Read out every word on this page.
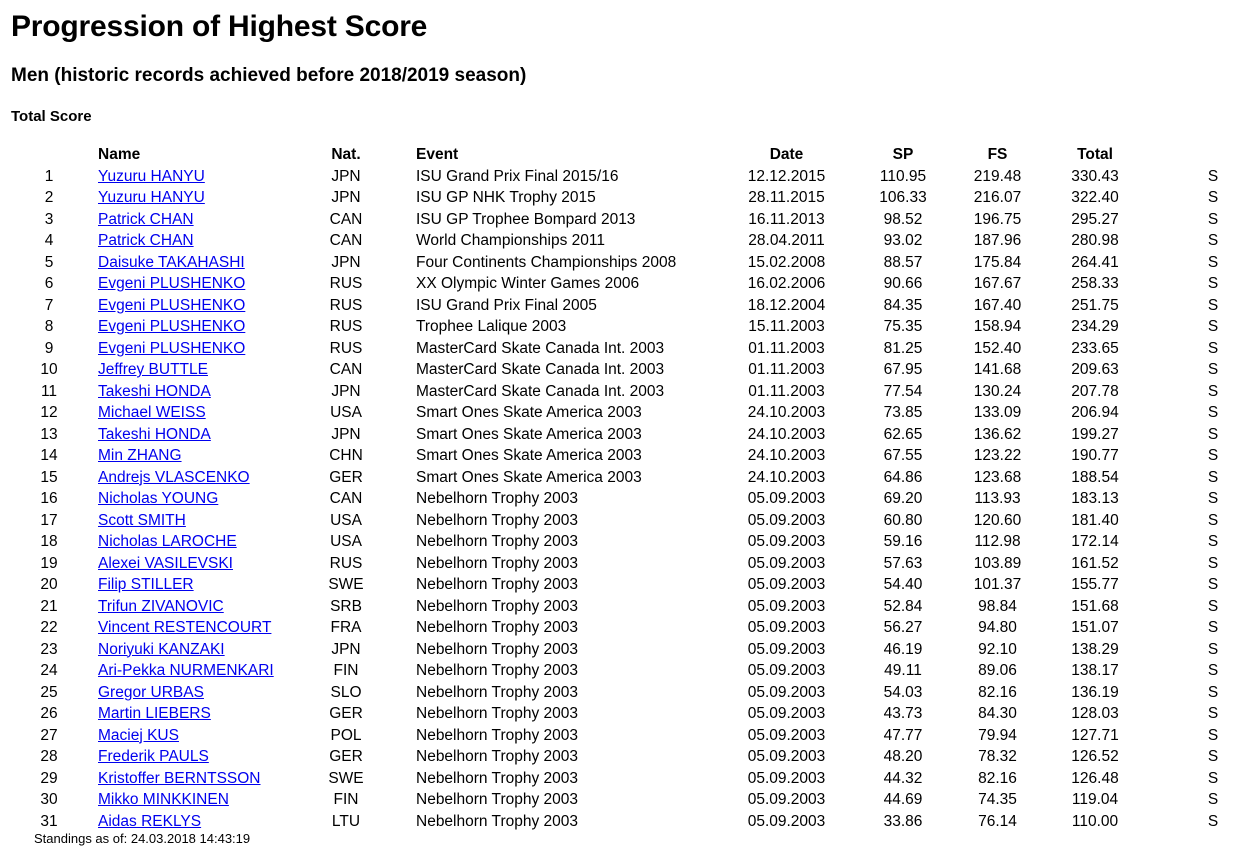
Progression of Highest Score
Men (historic records achieved before 2018/2019 season)
Total Score
	Name	Nat.	Event	Date	SP	FS	Total	
1	Yuzuru HANYU	JPN	ISU Grand Prix Final 2015/16	12.12.2015	110.95	219.48	330.43	S
2	Yuzuru HANYU	JPN	ISU GP NHK Trophy 2015	28.11.2015	106.33	216.07	322.40	S
3	Patrick CHAN	CAN	ISU GP Trophee Bompard 2013	16.11.2013	98.52	196.75	295.27	S
4	Patrick CHAN	CAN	World Championships 2011	28.04.2011	93.02	187.96	280.98	S
5	Daisuke TAKAHASHI	JPN	Four Continents Championships 2008	15.02.2008	88.57	175.84	264.41	S
6	Evgeni PLUSHENKO	RUS	XX Olympic Winter Games 2006	16.02.2006	90.66	167.67	258.33	S
7	Evgeni PLUSHENKO	RUS	ISU Grand Prix Final 2005	18.12.2004	84.35	167.40	251.75	S
8	Evgeni PLUSHENKO	RUS	Trophee Lalique 2003	15.11.2003	75.35	158.94	234.29	S
9	Evgeni PLUSHENKO	RUS	MasterCard Skate Canada Int. 2003	01.11.2003	81.25	152.40	233.65	S
10	Jeffrey BUTTLE	CAN	MasterCard Skate Canada Int. 2003	01.11.2003	67.95	141.68	209.63	S
11	Takeshi HONDA	JPN	MasterCard Skate Canada Int. 2003	01.11.2003	77.54	130.24	207.78	S
12	Michael WEISS	USA	Smart Ones Skate America 2003	24.10.2003	73.85	133.09	206.94	S
13	Takeshi HONDA	JPN	Smart Ones Skate America 2003	24.10.2003	62.65	136.62	199.27	S
14	Min ZHANG	CHN	Smart Ones Skate America 2003	24.10.2003	67.55	123.22	190.77	S
15	Andrejs VLASCENKO	GER	Smart Ones Skate America 2003	24.10.2003	64.86	123.68	188.54	S
16	Nicholas YOUNG	CAN	Nebelhorn Trophy 2003	05.09.2003	69.20	113.93	183.13	S
17	Scott SMITH	USA	Nebelhorn Trophy 2003	05.09.2003	60.80	120.60	181.40	S
18	Nicholas LAROCHE	USA	Nebelhorn Trophy 2003	05.09.2003	59.16	112.98	172.14	S
19	Alexei VASILEVSKI	RUS	Nebelhorn Trophy 2003	05.09.2003	57.63	103.89	161.52	S
20	Filip STILLER	SWE	Nebelhorn Trophy 2003	05.09.2003	54.40	101.37	155.77	S
21	Trifun ZIVANOVIC	SRB	Nebelhorn Trophy 2003	05.09.2003	52.84	98.84	151.68	S
22	Vincent RESTENCOURT	FRA	Nebelhorn Trophy 2003	05.09.2003	56.27	94.80	151.07	S
23	Noriyuki KANZAKI	JPN	Nebelhorn Trophy 2003	05.09.2003	46.19	92.10	138.29	S
24	Ari-Pekka NURMENKARI	FIN	Nebelhorn Trophy 2003	05.09.2003	49.11	89.06	138.17	S
25	Gregor URBAS	SLO	Nebelhorn Trophy 2003	05.09.2003	54.03	82.16	136.19	S
26	Martin LIEBERS	GER	Nebelhorn Trophy 2003	05.09.2003	43.73	84.30	128.03	S
27	Maciej KUS	POL	Nebelhorn Trophy 2003	05.09.2003	47.77	79.94	127.71	S
28	Frederik PAULS	GER	Nebelhorn Trophy 2003	05.09.2003	48.20	78.32	126.52	S
29	Kristoffer BERNTSSON	SWE	Nebelhorn Trophy 2003	05.09.2003	44.32	82.16	126.48	S
30	Mikko MINKKINEN	FIN	Nebelhorn Trophy 2003	05.09.2003	44.69	74.35	119.04	S
31	Aidas REKLYS	LTU	Nebelhorn Trophy 2003	05.09.2003	33.86	76.14	110.00	S
Standings as of: 24.03.2018 14:43:19
